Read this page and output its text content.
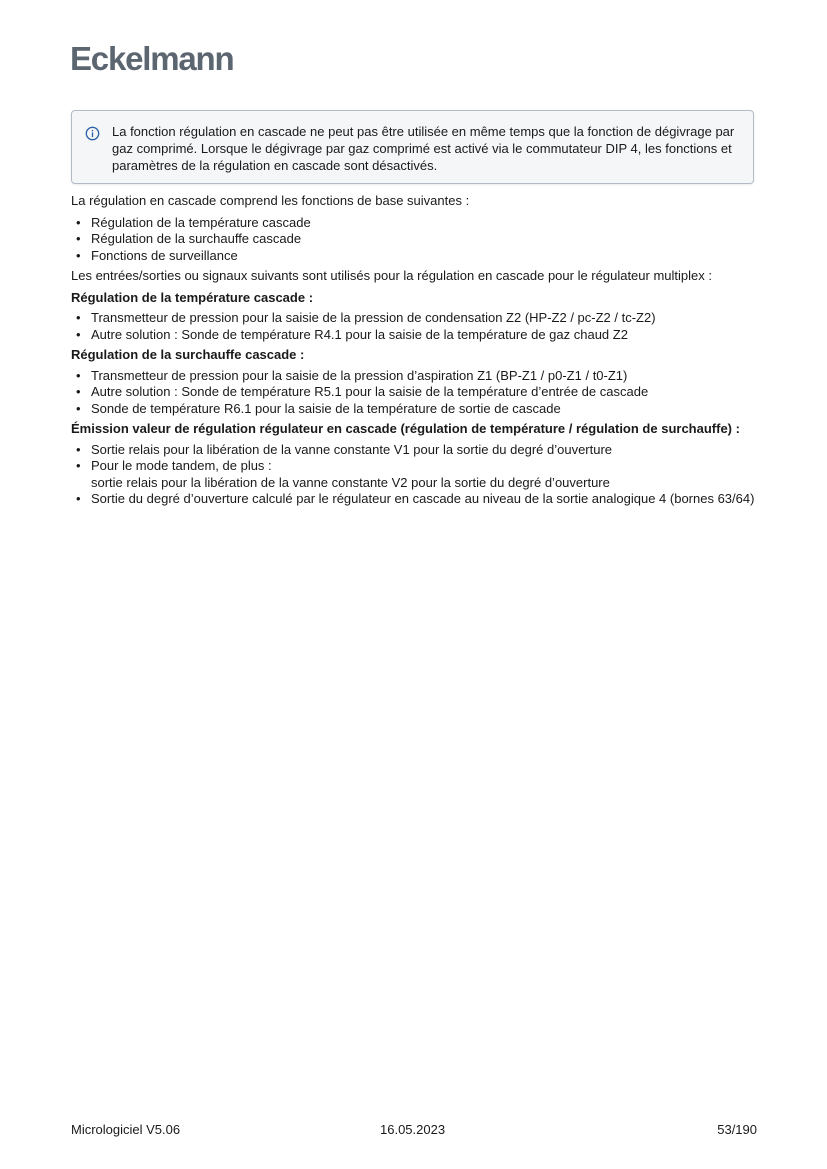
Eckelmann
La fonction régulation en cascade ne peut pas être utilisée en même temps que la fonction de dégivrage par gaz comprimé. Lorsque le dégivrage par gaz comprimé est activé via le commutateur DIP 4, les fonctions et paramètres de la régulation en cascade sont désactivés.

La régulation en cascade comprend les fonctions de base suivantes :

• Régulation de la température cascade
• Régulation de la surchauffe cascade
• Fonctions de surveillance

Les entrées/sorties ou signaux suivants sont utilisés pour la régulation en cascade pour le régulateur multiplex :

Régulation de la température cascade :
• Transmetteur de pression pour la saisie de la pression de condensation Z2 (HP-Z2 / pc-Z2 / tc-Z2)
• Autre solution : Sonde de température R4.1 pour la saisie de la température de gaz chaud Z2
Régulation de la surchauffe cascade :
• Transmetteur de pression pour la saisie de la pression d’aspiration Z1 (BP-Z1 / p0-Z1 / t0-Z1)
• Autre solution : Sonde de température R5.1 pour la saisie de la température d’entrée de cascade
• Sonde de température R6.1 pour la saisie de la température de sortie de cascade
Émission valeur de régulation régulateur en cascade (régulation de température / régulation de surchauffe) :
• Sortie relais pour la libération de la vanne constante V1 pour la sortie du degré d’ouverture
• Pour le mode tandem, de plus :
sortie relais pour la libération de la vanne constante V2 pour la sortie du degré d’ouverture
• Sortie du degré d’ouverture calculé par le régulateur en cascade au niveau de la sortie analogique 4 (bornes 63/64)
Micrologiciel V5.06	16.05.2023	53/190
